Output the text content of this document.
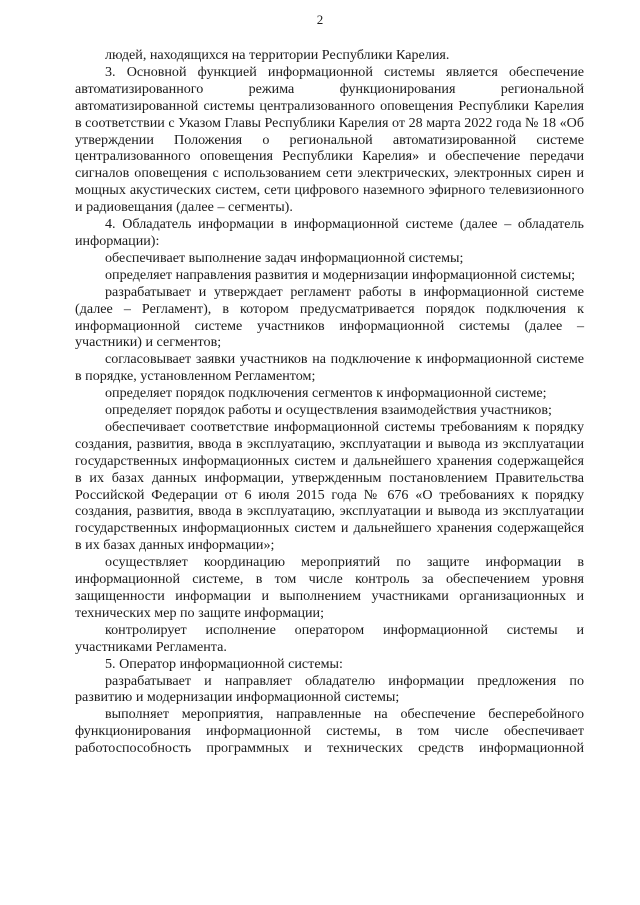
2

людей, находящихся на территории Республики Карелия.

3. Основной функцией информационной системы является обеспечение автоматизированного режима функционирования региональной автоматизированной системы централизованного оповещения Республики Карелия в соответствии с Указом Главы Республики Карелия от 28 марта 2022 года № 18 «Об утверждении Положения о региональной автоматизированной системе централизованного оповещения Республики Карелия» и обеспечение передачи сигналов оповещения с использованием сети электрических, электронных сирен и мощных акустических систем, сети цифрового наземного эфирного телевизионного и радиовещания (далее – сегменты).

4. Обладатель информации в информационной системе (далее – обладатель информации):

обеспечивает выполнение задач информационной системы;

определяет направления развития и модернизации информационной системы;

разрабатывает и утверждает регламент работы в информационной системе (далее – Регламент), в котором предусматривается порядок подключения к информационной системе участников информационной системы (далее – участники) и сегментов;

согласовывает заявки участников на подключение к информационной системе в порядке, установленном Регламентом;

определяет порядок подключения сегментов к информационной системе;

определяет порядок работы и осуществления взаимодействия участников;

обеспечивает соответствие информационной системы требованиям к порядку создания, развития, ввода в эксплуатацию, эксплуатации и вывода из эксплуатации государственных информационных систем и дальнейшего хранения содержащейся в их базах данных информации, утвержденным постановлением Правительства Российской Федерации от 6 июля 2015 года № 676 «О требованиях к порядку создания, развития, ввода в эксплуатацию, эксплуатации и вывода из эксплуатации государственных информационных систем и дальнейшего хранения содержащейся в их базах данных информации»;

осуществляет координацию мероприятий по защите информации в информационной системе, в том числе контроль за обеспечением уровня защищенности информации и выполнением участниками организационных и технических мер по защите информации;

контролирует исполнение оператором информационной системы и участниками Регламента.

5. Оператор информационной системы:

разрабатывает и направляет обладателю информации предложения по развитию и модернизации информационной системы;

выполняет мероприятия, направленные на обеспечение бесперебойного функционирования информационной системы, в том числе обеспечивает работоспособность программных и технических средств информационной
